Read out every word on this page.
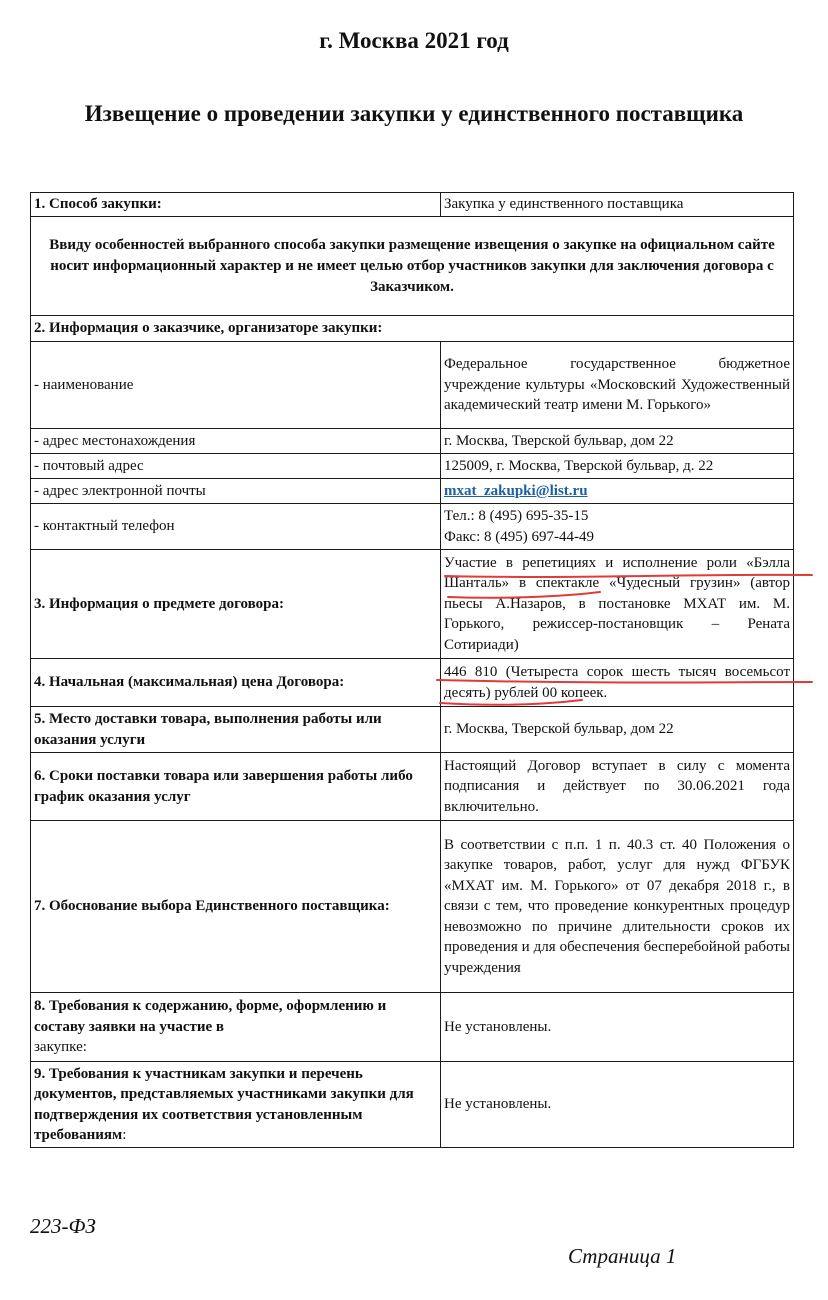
г. Москва 2021 год
Извещение о проведении закупки у единственного поставщика
1. Способ закупки:	Закупка у единственного поставщика
Ввиду особенностей выбранного способа закупки размещение извещения о закупке на официальном сайте носит информационный характер и не имеет целью отбор участников закупки для заключения договора с Заказчиком.	
2. Информация о заказчике, организаторе закупки:	
- наименование	Федеральное государственное бюджетное учреждение культуры «Московский Художественный академический театр имени М. Горького»
- адрес местонахождения	г. Москва, Тверской бульвар, дом 22
- почтовый адрес	125009, г. Москва, Тверской бульвар, д. 22
- адрес электронной почты	mxat_zakupki@list.ru
- контактный телефон	Тел.: 8 (495) 695-35-15
Факс: 8 (495) 697-44-49

3. Информация о предмете договора:	Участие в репетициях и исполнение роли «Бэлла Шанталь» в спектакле «Чудесный грузин» (автор пьесы А.Назаров, в постановке МХАТ им. М. Горького, режиссер-постановщик – Рената Сотириади)
4. Начальная (максимальная) цена Договора:	446 810 (Четыреста сорок шесть тысяч восемьсот десять) рублей 00 копеек.
5. Место доставки товара, выполнения работы или оказания услуги	г. Москва, Тверской бульвар, дом 22
6. Сроки поставки товара или завершения работы либо график оказания услуг	Настоящий Договор вступает в силу с момента подписания и действует по 30.06.2021 года включительно.
7. Обоснование выбора Единственного поставщика:	В соответствии с п.п. 1 п. 40.3 ст. 40 Положения о закупке товаров, работ, услуг для нужд ФГБУК «МХАТ им. М. Горького» от 07 декабря 2018 г., в связи с тем, что проведение конкурентных процедур невозможно по причине длительности сроков их проведения и для обеспечения бесперебойной работы учреждения
8. Требования к содержанию, форме, оформлению и составу заявки на участие в
закупке:	Не установлены.
9. Требования к участникам закупки и перечень документов, представляемых участниками закупки для подтверждения их соответствия установленным требованиям:	Не установлены.
223-ФЗ
Страница 1
